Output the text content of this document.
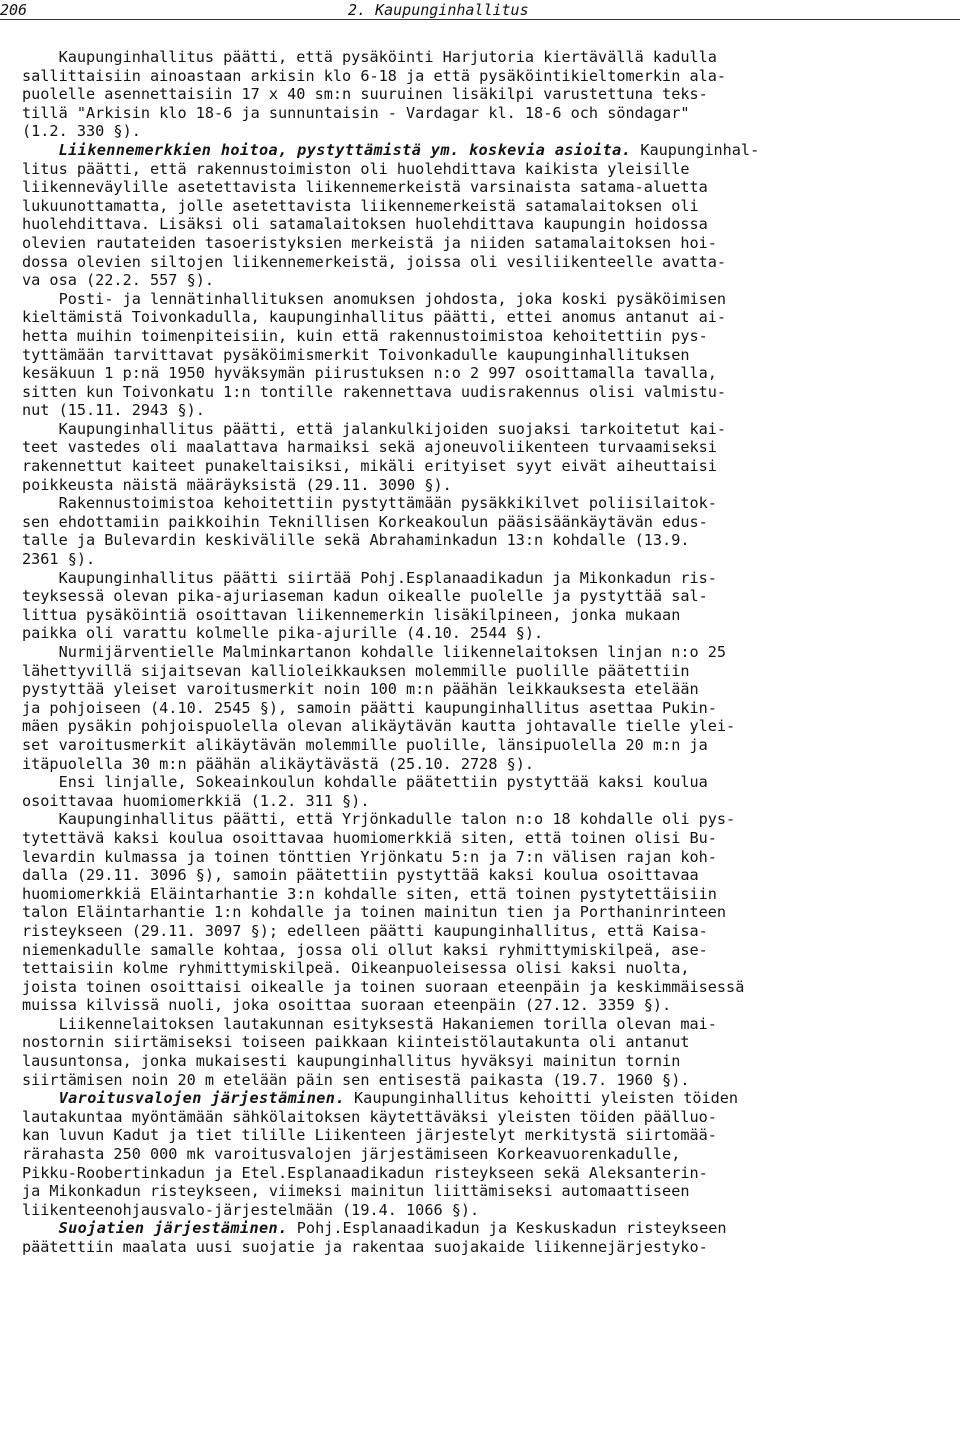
206	2. Kaupunginhallitus
Kaupunginhallitus päätti, että pysäköinti Harjutoria kiertävällä kadulla
sallittaisiin ainoastaan arkisin klo 6-18 ja että pysäköintikieltomerkin ala-
puolelle asennettaisiin 17 x 40 sm:n suuruinen lisäkilpi varustettuna teks-
tillä "Arkisin klo 18-6 ja sunnuntaisin - Vardagar kl. 18-6 och söndagar"
(1.2. 330 §).
Liikennemerkkien hoitoa, pystyttämistä ym. koskevia asioita. Kaupunginhal-
litus päätti, että rakennustoimiston oli huolehdittava kaikista yleisille
liikenneväylille asetettavista liikennemerkeistä varsinaista satama-aluetta
lukuunottamatta, jolle asetettavista liikennemerkeistä satamalaitoksen oli
huolehdittava. Lisäksi oli satamalaitoksen huolehdittava kaupungin hoidossa
olevien rautateiden tasoeristyksien merkeistä ja niiden satamalaitoksen hoi-
dossa olevien siltojen liikennemerkeistä, joissa oli vesiliikenteelle avatta-
va osa (22.2. 557 §).
Posti- ja lennätinhallituksen anomuksen johdosta, joka koski pysäköimisen
kieltämistä Toivonkadulla, kaupunginhallitus päätti, ettei anomus antanut ai-
hetta muihin toimenpiteisiin, kuin että rakennustoimistoa kehoitettiin pys-
tyttämään tarvittavat pysäköimismerkit Toivonkadulle kaupunginhallituksen
kesäkuun 1 p:nä 1950 hyväksymän piirustuksen n:o 2 997 osoittamalla tavalla,
sitten kun Toivonkatu 1:n tontille rakennettava uudisrakennus olisi valmistu-
nut (15.11. 2943 §).
Kaupunginhallitus päätti, että jalankulkijoiden suojaksi tarkoitetut kai-
teet vastedes oli maalattava harmaiksi sekä ajoneuvoliikenteen turvaamiseksi
rakennettut kaiteet punakeltaisiksi, mikäli erityiset syyt eivät aiheuttaisi
poikkeusta näistä määräyksistä (29.11. 3090 §).
Rakennustoimistoa kehoitettiin pystyttämään pysäkkikilvet poliisilaitok-
sen ehdottamiin paikkoihin Teknillisen Korkeakoulun pääsisäänkäytävän edus-
talle ja Bulevardin keskivälille sekä Abrahaminkadun 13:n kohdalle (13.9.
2361 §).
Kaupunginhallitus päätti siirtää Pohj.Esplanaadikadun ja Mikonkadun ris-
teyksessä olevan pika-ajuriaseman kadun oikealle puolelle ja pystyttää sal-
littua pysäköintiä osoittavan liikennemerkin lisäkilpineen, jonka mukaan
paikka oli varattu kolmelle pika-ajurille (4.10. 2544 §).
Nurmijärventielle Malminkartanon kohdalle liikennelaitoksen linjan n:o 25
lähettyvillä sijaitsevan kallioleikkauksen molemmille puolille päätettiin
pystyttää yleiset varoitusmerkit noin 100 m:n päähän leikkauksesta etelään
ja pohjoiseen (4.10. 2545 §), samoin päätti kaupunginhallitus asettaa Pukin-
mäen pysäkin pohjoispuolella olevan alikäytävän kautta johtavalle tielle ylei-
set varoitusmerkit alikäytävän molemmille puolille, länsipuolella 20 m:n ja
itäpuolella 30 m:n päähän alikäytävästä (25.10. 2728 §).
Ensi linjalle, Sokeainkoulun kohdalle päätettiin pystyttää kaksi koulua
osoittavaa huomiomerkkiä (1.2. 311 §).
Kaupunginhallitus päätti, että Yrjönkadulle talon n:o 18 kohdalle oli pys-
tytettävä kaksi koulua osoittavaa huomiomerkkiä siten, että toinen olisi Bu-
levardin kulmassa ja toinen tönttien Yrjönkatu 5:n ja 7:n välisen rajan koh-
dalla (29.11. 3096 §), samoin päätettiin pystyttää kaksi koulua osoittavaa
huomiomerkkiä Eläintarhantie 3:n kohdalle siten, että toinen pystytettäisiin
talon Eläintarhantie 1:n kohdalle ja toinen mainitun tien ja Porthaninrinteen
risteykseen (29.11. 3097 §); edelleen päätti kaupunginhallitus, että Kaisa-
niemenkadulle samalle kohtaa, jossa oli ollut kaksi ryhmittymiskilpeä, ase-
tettaisiin kolme ryhmittymiskilpeä. Oikeanpuoleisessa olisi kaksi nuolta,
joista toinen osoittaisi oikealle ja toinen suoraan eteenpäin ja keskimmäisessä
muissa kilvissä nuoli, joka osoittaa suoraan eteenpäin (27.12. 3359 §).
Liikennelaitoksen lautakunnan esityksestä Hakaniemen torilla olevan mai-
nostornin siirtämiseksi toiseen paikkaan kiinteistölautakunta oli antanut
lausuntonsa, jonka mukaisesti kaupunginhallitus hyväksyi mainitun tornin
siirtämisen noin 20 m etelään päin sen entisestä paikasta (19.7. 1960 §).
Varoitusvalojen järjestäminen. Kaupunginhallitus kehoitti yleisten töiden
lautakuntaa myöntämään sähkölaitoksen käytettäväksi yleisten töiden päälluo-
kan luvun Kadut ja tiet tilille Liikenteen järjestelyt merkitystä siirtomää-
rärahasta 250 000 mk varoitusvalojen järjestämiseen Korkeavuorenkadulle,
Pikku-Roobertinkadun ja Etel.Esplanaadikadun risteykseen sekä Aleksanterin-
ja Mikonkadun risteykseen, viimeksi mainitun liittämiseksi automaattiseen
liikenteenohjausvalo-järjestelmään (19.4. 1066 §).
Suojatien järjestäminen. Pohj.Esplanaadikadun ja Keskuskadun risteykseen
päätettiin maalata uusi suojatie ja rakentaa suojakaide liikennejärjestyko-
